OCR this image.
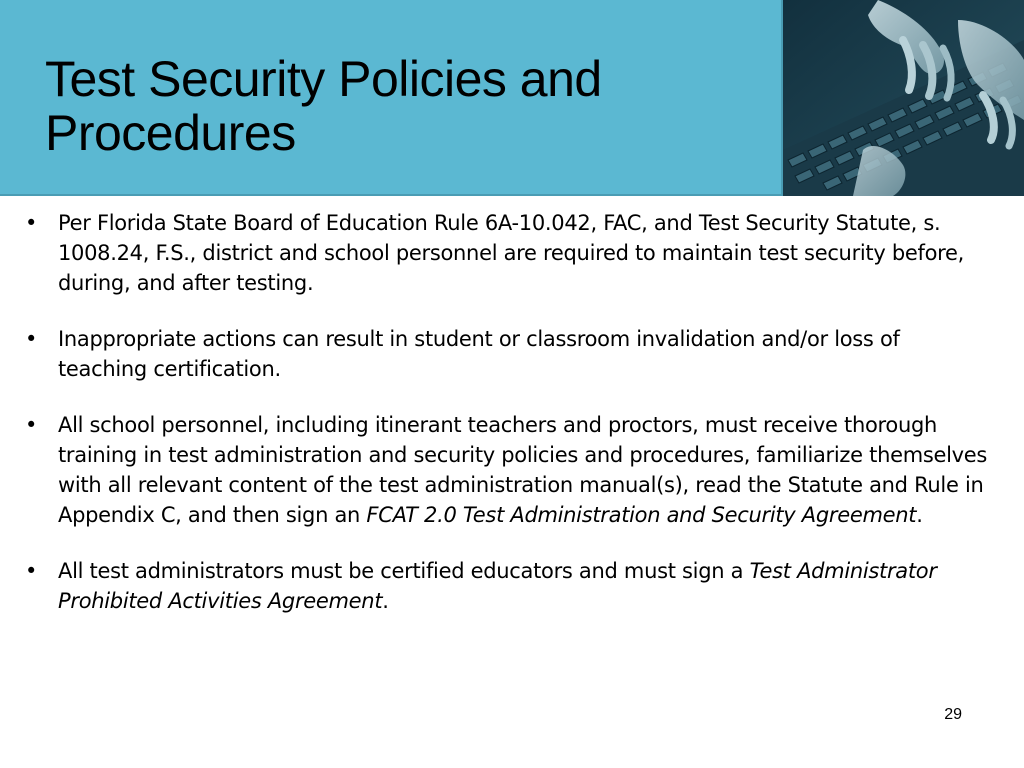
Test Security Policies and Procedures
• Per Florida State Board of Education Rule 6A-10.042, FAC, and Test Security Statute, s. 1008.24, F.S., district and school personnel are required to maintain test security before, during, and after testing.
• Inappropriate actions can result in student or classroom invalidation and/or loss of teaching certification.
• All school personnel, including itinerant teachers and proctors, must receive thorough training in test administration and security policies and procedures, familiarize themselves with all relevant content of the test administration manual(s), read the Statute and Rule in Appendix C, and then sign an FCAT 2.0 Test Administration and Security Agreement.
• All test administrators must be certified educators and must sign a Test Administrator Prohibited Activities Agreement.
29
